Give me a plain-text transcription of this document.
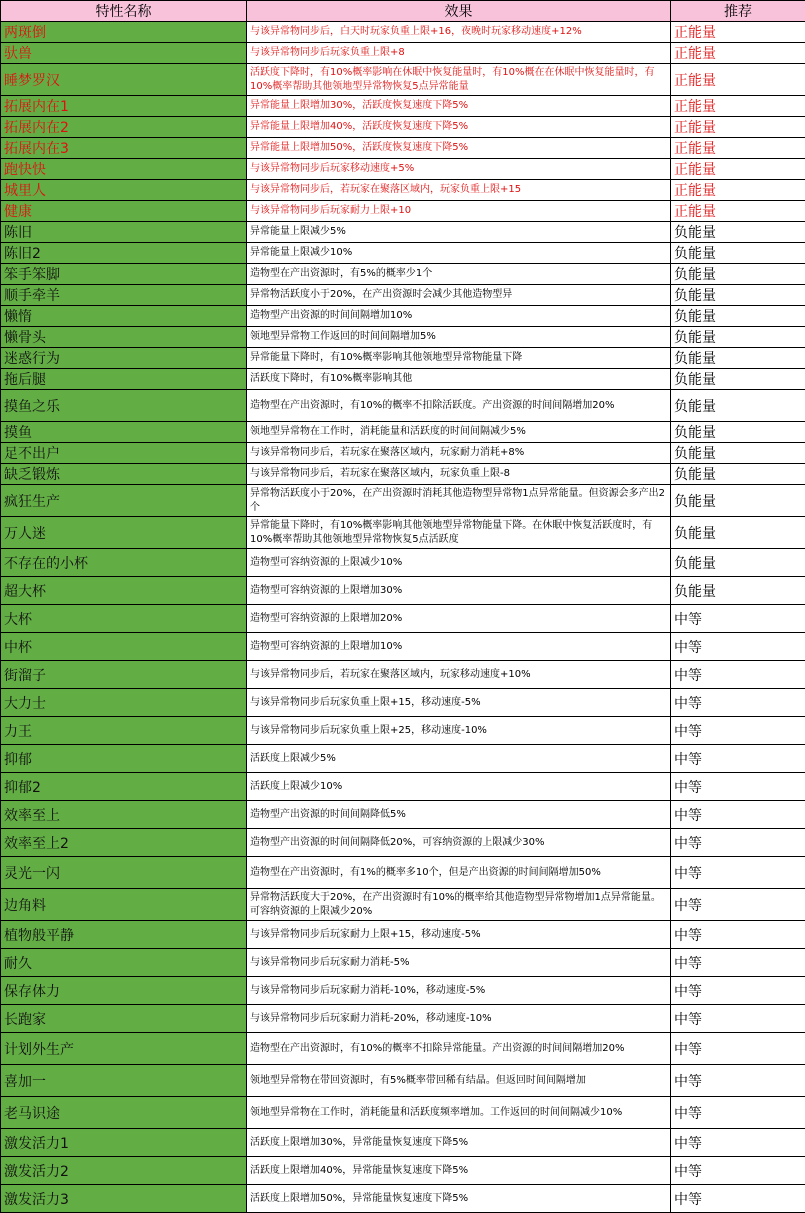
特性名称	效果	推荐
两斑倒	与该异常物同步后，白天时玩家负重上限+16，夜晚时玩家移动速度+12%	正能量
驮兽	与该异常物同步后玩家负重上限+8	正能量
睡梦罗汉	活跃度下降时，有10%概率影响在休眠中恢复能量时，有10%概在在休眠中恢复能量时，有10%概率帮助其他领地型异常物恢复5点异常能量	正能量
拓展内在1	异常能量上限增加30%，活跃度恢复速度下降5%	正能量
拓展内在2	异常能量上限增加40%，活跃度恢复速度下降5%	正能量
拓展内在3	异常能量上限增加50%，活跃度恢复速度下降5%	正能量
跑快快	与该异常物同步后玩家移动速度+5%	正能量
城里人	与该异常物同步后，若玩家在聚落区域内，玩家负重上限+15	正能量
健康	与该异常物同步后玩家耐力上限+10	正能量
陈旧	异常能量上限减少5%	负能量
陈旧2	异常能量上限减少10%	负能量
笨手笨脚	造物型在产出资源时，有5%的概率少1个	负能量
顺手牵羊	异常物活跃度小于20%，在产出资源时会减少其他造物型异	负能量
懒惰	造物型产出资源的时间间隔增加10%	负能量
懒骨头	领地型异常物工作返回的时间间隔增加5%	负能量
迷惑行为	异常能量下降时，有10%概率影响其他领地型异常物能量下降	负能量
拖后腿	活跃度下降时，有10%概率影响其他	负能量
摸鱼之乐	造物型在产出资源时，有10%的概率不扣除活跃度。产出资源的时间间隔增加20%	负能量
摸鱼	领地型异常物在工作时，消耗能量和活跃度的时间间隔减少5%	负能量
足不出户	与该异常物同步后，若玩家在聚落区域内，玩家耐力消耗+8%	负能量
缺乏锻炼	与该异常物同步后，若玩家在聚落区域内，玩家负重上限-8	负能量
疯狂生产	异常物活跃度小于20%，在产出资源时消耗其他造物型异常物1点异常能量。但资源会多产出2个	负能量
万人迷	异常能量下降时，有10%概率影响其他领地型异常物能量下降。在休眠中恢复活跃度时，有10%概率帮助其他领地型异常物恢复5点活跃度	负能量
不存在的小杯	造物型可容纳资源的上限减少10%	负能量
超大杯	造物型可容纳资源的上限增加30%	负能量
大杯	造物型可容纳资源的上限增加20%	中等
中杯	造物型可容纳资源的上限增加10%	中等
街溜子	与该异常物同步后，若玩家在聚落区域内，玩家移动速度+10%	中等
大力士	与该异常物同步后玩家负重上限+15，移动速度-5%	中等
力王	与该异常物同步后玩家负重上限+25，移动速度-10%	中等
抑郁	活跃度上限减少5%	中等
抑郁2	活跃度上限减少10%	中等
效率至上	造物型产出资源的时间间隔降低5%	中等
效率至上2	造物型产出资源的时间间隔降低20%，可容纳资源的上限减少30%	中等
灵光一闪	造物型在产出资源时，有1%的概率多10个，但是产出资源的时间间隔增加50%	中等
边角料	异常物活跃度大于20%，在产出资源时有10%的概率给其他造物型异常物增加1点异常能量。可容纳资源的上限减少20%	中等
植物般平静	与该异常物同步后玩家耐力上限+15，移动速度-5%	中等
耐久	与该异常物同步后玩家耐力消耗-5%	中等
保存体力	与该异常物同步后玩家耐力消耗-10%，移动速度-5%	中等
长跑家	与该异常物同步后玩家耐力消耗-20%，移动速度-10%	中等
计划外生产	造物型在产出资源时，有10%的概率不扣除异常能量。产出资源的时间间隔增加20%	中等
喜加一	领地型异常物在带回资源时，有5%概率带回稀有结晶。但返回时间间隔增加	中等
老马识途	领地型异常物在工作时，消耗能量和活跃度频率增加。工作返回的时间间隔减少10%	中等
激发活力1	活跃度上限增加30%，异常能量恢复速度下降5%	中等
激发活力2	活跃度上限增加40%，异常能量恢复速度下降5%	中等
激发活力3	活跃度上限增加50%，异常能量恢复速度下降5%	中等
